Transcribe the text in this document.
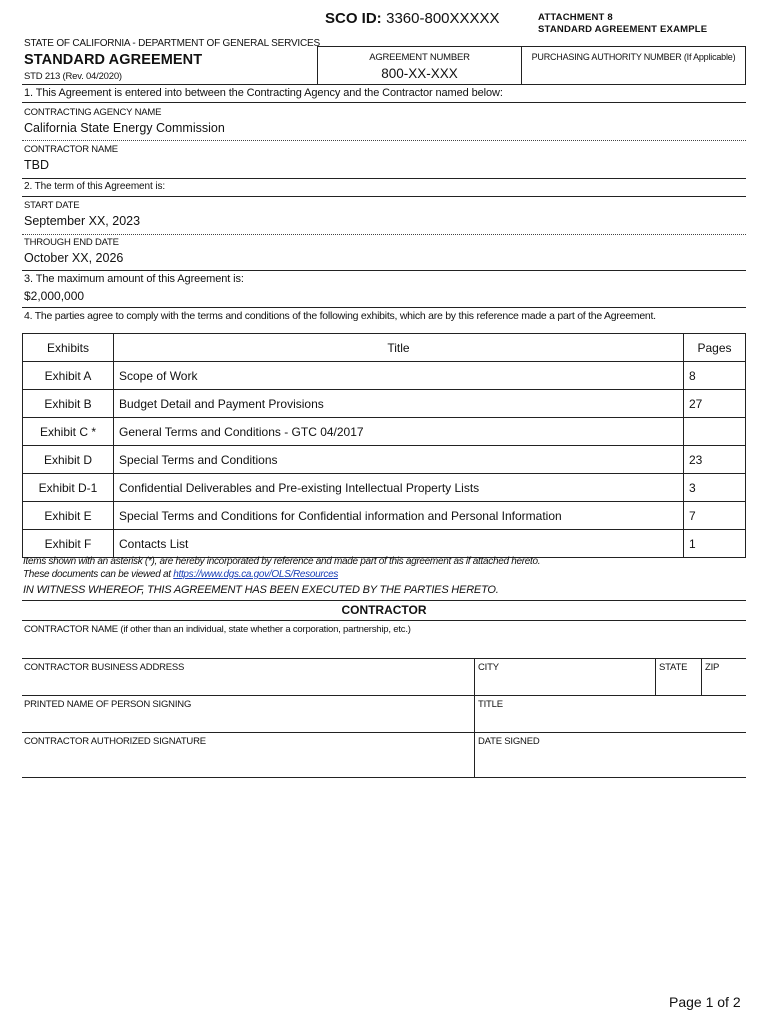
SCO ID: 3360-800XXXXX	ATTACHMENT 8
STANDARD AGREEMENT EXAMPLE
STATE OF CALIFORNIA - DEPARTMENT OF GENERAL SERVICES
STANDARD AGREEMENT
STD 213 (Rev. 04/2020)
AGREEMENT NUMBER
800-XX-XXX
PURCHASING AUTHORITY NUMBER (If Applicable)
1. This Agreement is entered into between the Contracting Agency and the Contractor named below:
CONTRACTING AGENCY NAME
California State Energy Commission
CONTRACTOR NAME
TBD
2. The term of this Agreement is:
START DATE
September XX, 2023
THROUGH END DATE
October XX, 2026
3. The maximum amount of this Agreement is:
$2,000,000
4. The parties agree to comply with the terms and conditions of the following exhibits, which are by this reference made a part of the Agreement.
Exhibits	Title	Pages
Exhibit A	Scope of Work	8
Exhibit B	Budget Detail and Payment Provisions	27
Exhibit C *	General Terms and Conditions - GTC 04/2017	
Exhibit D	Special Terms and Conditions	23
Exhibit D-1	Confidential Deliverables and Pre-existing Intellectual Property Lists	3
Exhibit E	Special Terms and Conditions for Confidential information and Personal Information	7
Exhibit F	Contacts List	1
Items shown with an asterisk (*), are hereby incorporated by reference and made part of this agreement as if attached hereto.
These documents can be viewed at https://www.dgs.ca.gov/OLS/Resources
IN WITNESS WHEREOF, THIS AGREEMENT HAS BEEN EXECUTED BY THE PARTIES HERETO.
CONTRACTOR
CONTRACTOR NAME (if other than an individual, state whether a corporation, partnership, etc.)
CONTRACTOR BUSINESS ADDRESS	CITY	STATE ZIP
PRINTED NAME OF PERSON SIGNING	TITLE
CONTRACTOR AUTHORIZED SIGNATURE	DATE SIGNED
Page 1 of 2
